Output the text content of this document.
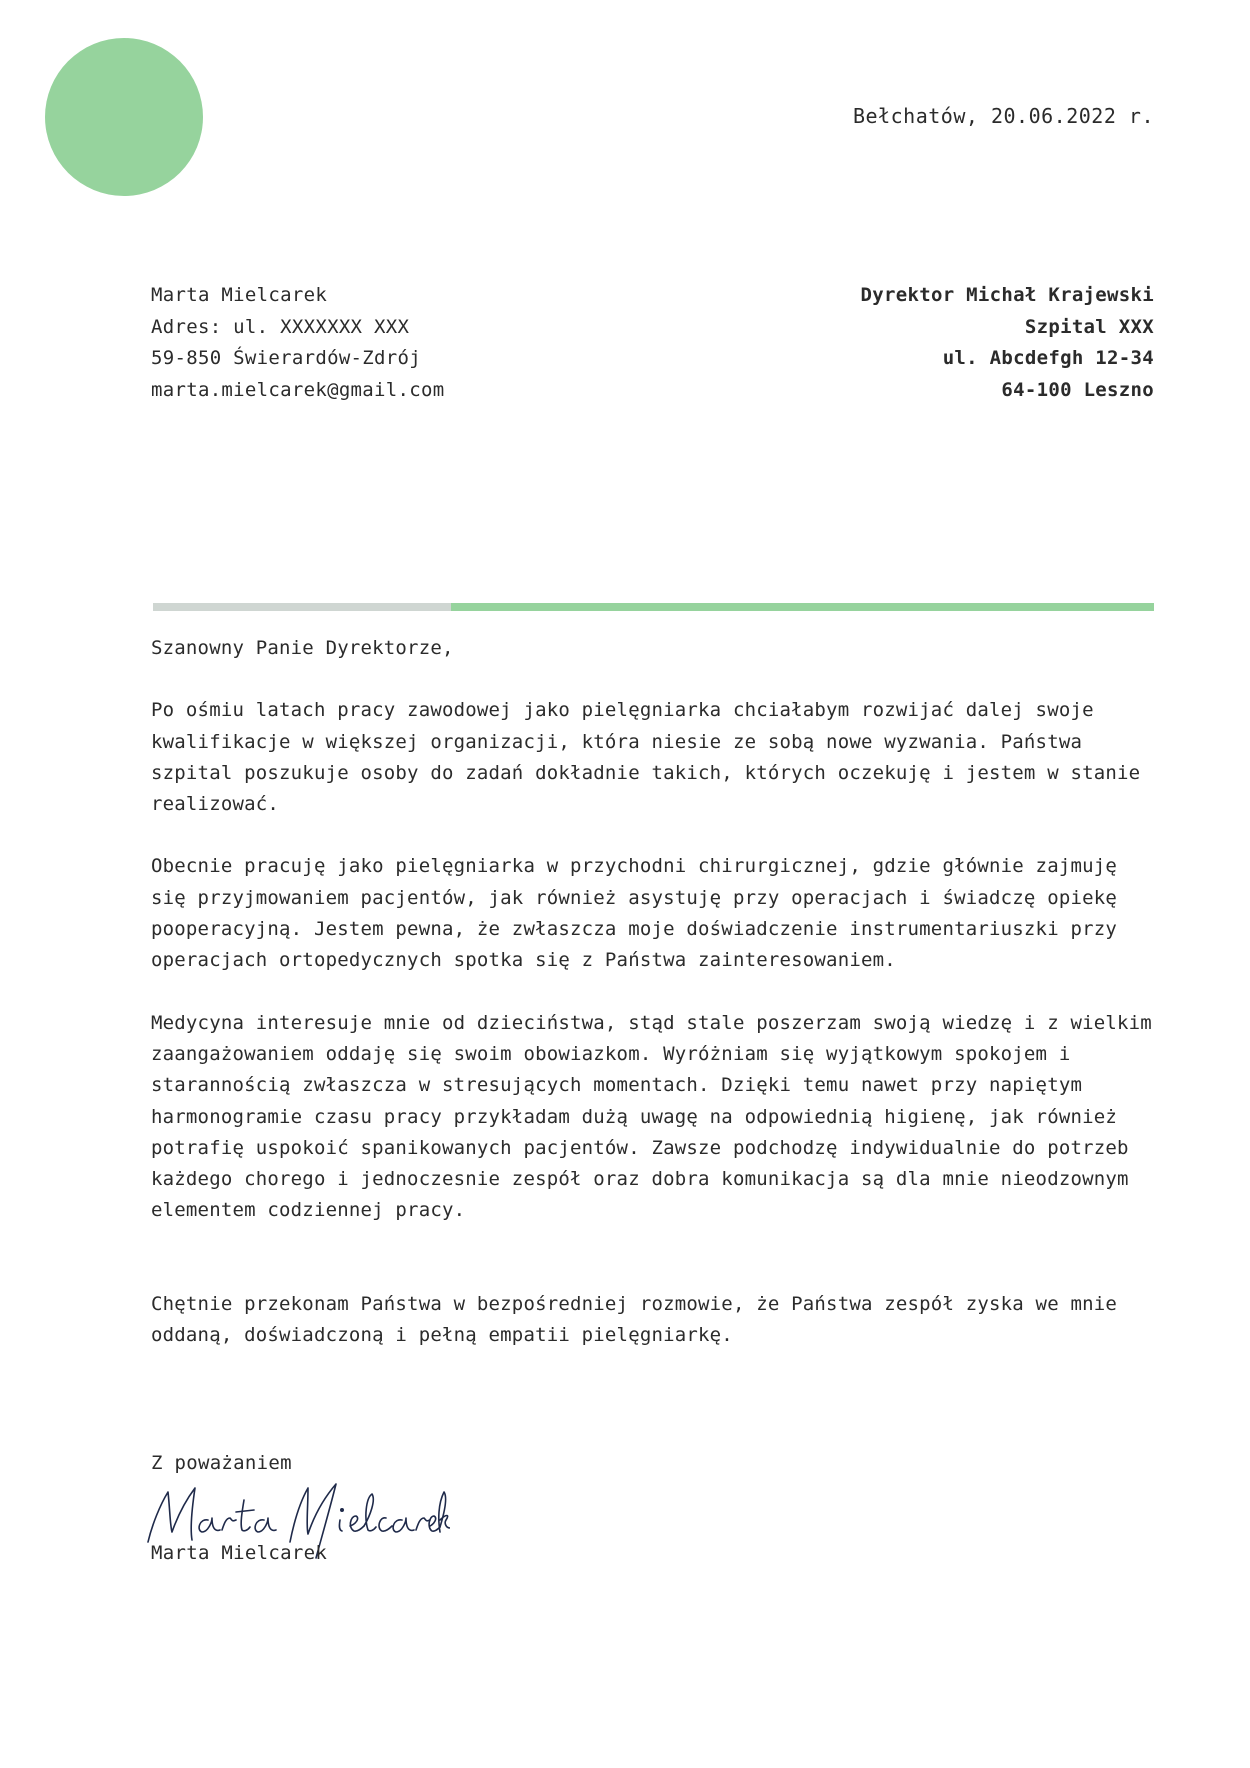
Bełchatów, 20.06.2022 r.
Marta Mielcarek
Adres: ul. XXXXXXX XXX
59-850 Świerardów-Zdrój
marta.mielcarek@gmail.com
Dyrektor Michał Krajewski
Szpital XXX
ul. Abcdefgh 12-34
64-100 Leszno

Szanowny Panie Dyrektorze,

Po ośmiu latach pracy zawodowej jako pielęgniarka chciałabym rozwijać dalej swoje kwalifikacje w większej organizacji, która niesie ze sobą nowe wyzwania. Państwa szpital poszukuje osoby do zadań dokładnie takich, których oczekuję i jestem w stanie realizować.

Obecnie pracuję jako pielęgniarka w przychodni chirurgicznej, gdzie głównie zajmuję się przyjmowaniem pacjentów, jak również asystuję przy operacjach i świadczę opiekę pooperacyjną. Jestem pewna, że zwłaszcza moje doświadczenie instrumentariuszki przy operacjach ortopedycznych spotka się z Państwa zainteresowaniem.

Medycyna interesuje mnie od dzieciństwa, stąd stale poszerzam swoją wiedzę i z wielkim zaangażowaniem oddaję się swoim obowiazkom. Wyróżniam się wyjątkowym spokojem i starannością zwłaszcza w stresujących momentach. Dzięki temu nawet przy napiętym harmonogramie czasu pracy przykładam dużą uwagę na odpowiednią higienę, jak również potrafię uspokoić spanikowanych pacjentów. Zawsze podchodzę indywidualnie do potrzeb każdego chorego i jednoczesnie zespół oraz dobra komunikacja są dla mnie nieodzownym elementem codziennej pracy.

Chętnie przekonam Państwa w bezpośredniej rozmowie, że Państwa zespół zyska we mnie oddaną, doświadczoną i pełną empatii pielęgniarkę.

Z poważaniem
Marta Mielcarek
